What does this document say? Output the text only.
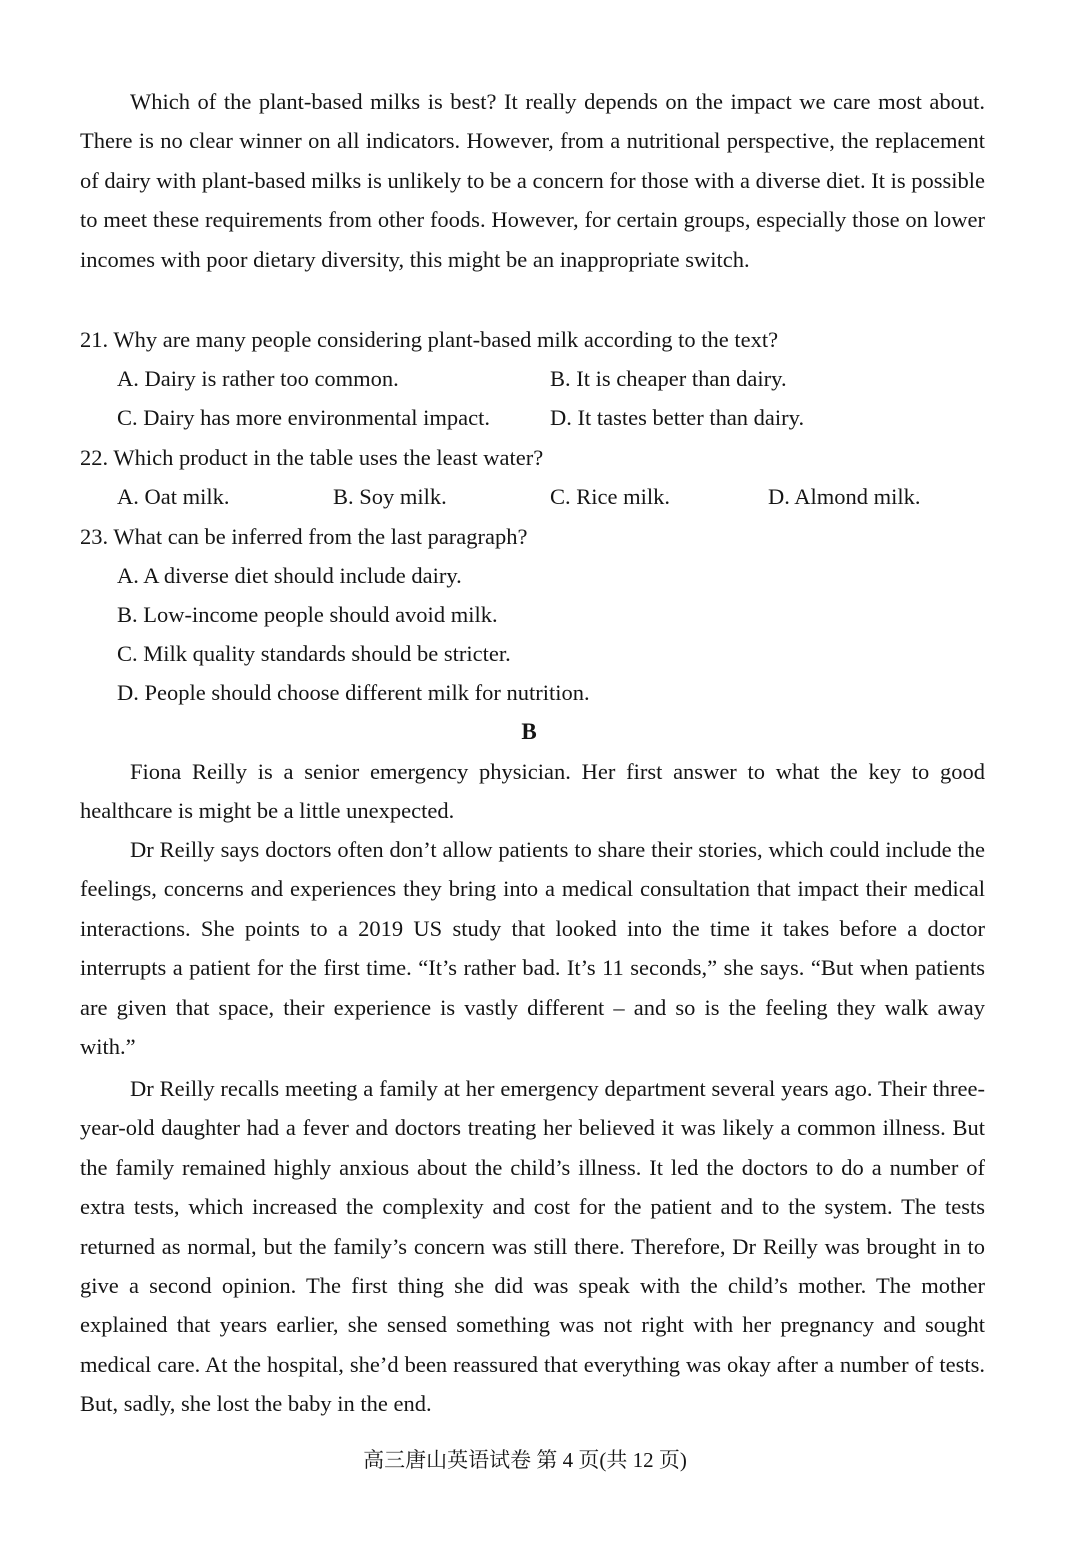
Which of the plant-based milks is best? It really depends on the impact we care most about. There is no clear winner on all indicators. However, from a nutritional perspective, the replacement of dairy with plant-based milks is unlikely to be a concern for those with a diverse diet. It is possible to meet these requirements from other foods. However, for certain groups, especially those on lower incomes with poor dietary diversity, this might be an inappropriate switch.

21. Why are many people considering plant-based milk according to the text?

A. Dairy is rather too common.	B. It is cheaper than dairy.

C. Dairy has more environmental impact.	D. It tastes better than dairy.

22. Which product in the table uses the least water?

A. Oat milk.	B. Soy milk.	C. Rice milk.	D. Almond milk.

23. What can be inferred from the last paragraph?

A. A diverse diet should include dairy.

B. Low-income people should avoid milk.

C. Milk quality standards should be stricter.

D. People should choose different milk for nutrition.

B

Fiona Reilly is a senior emergency physician. Her first answer to what the key to good healthcare is might be a little unexpected.

Dr Reilly says doctors often don’t allow patients to share their stories, which could include the feelings, concerns and experiences they bring into a medical consultation that impact their medical interactions. She points to a 2019 US study that looked into the time it takes before a doctor interrupts a patient for the first time. “It’s rather bad. It’s 11 seconds,” she says. “But when patients are given that space, their experience is vastly different – and so is the feeling they walk away with.”

Dr Reilly recalls meeting a family at her emergency department several years ago. Their three-year-old daughter had a fever and doctors treating her believed it was likely a common illness. But the family remained highly anxious about the child’s illness. It led the doctors to do a number of extra tests, which increased the complexity and cost for the patient and to the system. The tests returned as normal, but the family’s concern was still there. Therefore, Dr Reilly was brought in to give a second opinion. The first thing she did was speak with the child’s mother. The mother explained that years earlier, she sensed something was not right with her pregnancy and sought medical care. At the hospital, she’d been reassured that everything was okay after a number of tests. But, sadly, she lost the baby in the end.

高三唐山英语试卷 第 4 页(共 12 页)
